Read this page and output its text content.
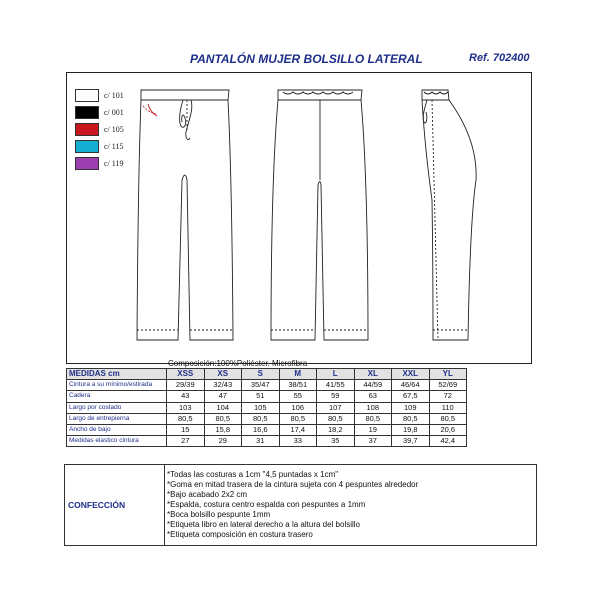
PANTALÓN MUJER BOLSILLO LATERAL	Ref. 702400
c/ 101
c/ 001
c/ 105
c/ 115
c/ 119
Composición:100%Poliéster. Microfibra
MEDIDAS cm	XSS	XS	S	M	L	XL	XXL	YL
Cintura a su mínimo/estirada	29/39	32/43	35/47	38/51	41/55	44/59	46/64	52/69
Cadera	43	47	51	55	59	63	67,5	72
Largo por costado	103	104	105	106	107	108	109	110
Largo de entrepierna	80,5	80,5	80,5	80,5	80,5	80,5	80,5	80,5
Ancho de bajo	15	15,8	16,6	17,4	18,2	19	19,8	20,6
Medidas elastico cintura	27	29	31	33	35	37	39,7	42,4
CONFECCIÓN

*Todas las costuras a 1cm "4,5 puntadas x 1cm"
*Goma en mitad trasera de la cintura sujeta con 4 pespuntes alrededor
*Bajo acabado 2x2 cm
*Espalda, costura centro espalda con pespuntes a 1mm
*Boca bolsillo pespunte 1mm
*Etiqueta libro en lateral derecho a la altura del bolsillo
*Etiqueta composición en costura trasero
